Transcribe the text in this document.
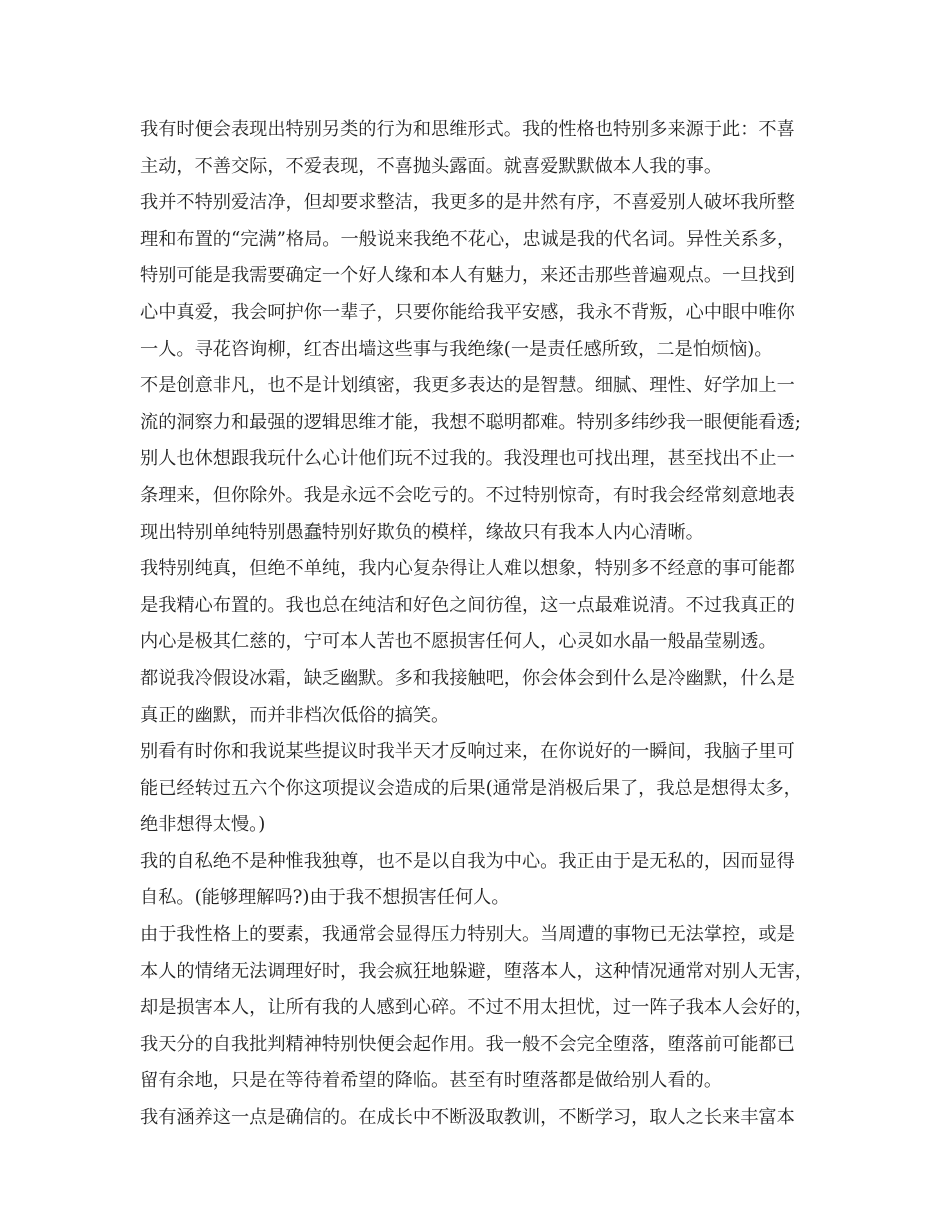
我有时便会表现出特别另类的行为和思维形式。我的性格也特别多来源于此：不喜
主动，不善交际，不爱表现，不喜抛头露面。就喜爱默默做本人我的事。
我并不特别爱洁净，但却要求整洁，我更多的是井然有序，不喜爱别人破坏我所整
理和布置的“完满”格局。一般说来我绝不花心，忠诚是我的代名词。异性关系多，
特别可能是我需要确定一个好人缘和本人有魅力，来还击那些普遍观点。一旦找到
心中真爱，我会呵护你一辈子，只要你能给我平安感，我永不背叛，心中眼中唯你
一人。寻花咨询柳，红杏出墙这些事与我绝缘(一是责任感所致，二是怕烦恼)。
不是创意非凡，也不是计划缜密，我更多表达的是智慧。细腻、理性、好学加上一
流的洞察力和最强的逻辑思维才能，我想不聪明都难。特别多纬纱我一眼便能看透;
别人也休想跟我玩什么心计他们玩不过我的。我没理也可找出理，甚至找出不止一
条理来，但你除外。我是永远不会吃亏的。不过特别惊奇，有时我会经常刻意地表
现出特别单纯特别愚蠢特别好欺负的模样，缘故只有我本人内心清晰。
我特别纯真，但绝不单纯，我内心复杂得让人难以想象，特别多不经意的事可能都
是我精心布置的。我也总在纯洁和好色之间彷徨，这一点最难说清。不过我真正的
内心是极其仁慈的，宁可本人苦也不愿损害任何人，心灵如水晶一般晶莹剔透。
都说我冷假设冰霜，缺乏幽默。多和我接触吧，你会体会到什么是冷幽默，什么是
真正的幽默，而并非档次低俗的搞笑。
别看有时你和我说某些提议时我半天才反响过来，在你说好的一瞬间，我脑子里可
能已经转过五六个你这项提议会造成的后果(通常是消极后果了，我总是想得太多，
绝非想得太慢。)
我的自私绝不是种惟我独尊，也不是以自我为中心。我正由于是无私的，因而显得
自私。(能够理解吗?)由于我不想损害任何人。
由于我性格上的要素，我通常会显得压力特别大。当周遭的事物已无法掌控，或是
本人的情绪无法调理好时，我会疯狂地躲避，堕落本人，这种情况通常对别人无害，
却是损害本人，让所有我的人感到心碎。不过不用太担忧，过一阵子我本人会好的，
我天分的自我批判精神特别快便会起作用。我一般不会完全堕落，堕落前可能都已
留有余地，只是在等待着希望的降临。甚至有时堕落都是做给别人看的。
我有涵养这一点是确信的。在成长中不断汲取教训，不断学习，取人之长来丰富本
